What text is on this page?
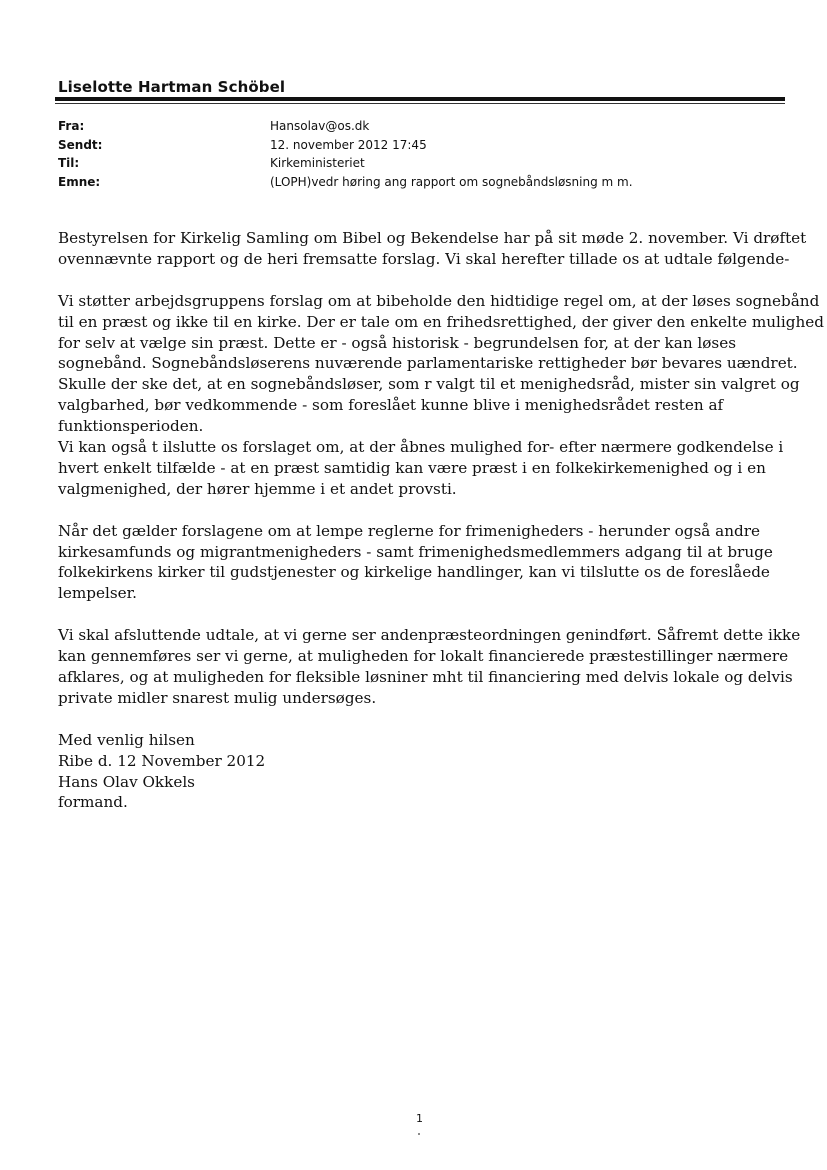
Liselotte Hartman Schöbel
Fra:	Hansolav@os.dk
Sendt:	12. november 2012 17:45
Til:	Kirkeministeriet
Emne:	(LOPH)vedr høring ang rapport om sognebåndsløsning m m.
Bestyrelsen for Kirkelig Samling om Bibel og Bekendelse har på sit møde 2. november. Vi drøftet
ovennævnte rapport og de heri fremsatte forslag. Vi skal herefter tillade os at udtale følgende-
Vi støtter arbejdsgruppens forslag om at bibeholde den hidtidige regel om, at der løses sognebånd
til en præst og ikke til en kirke. Der er tale om en frihedsrettighed, der giver den enkelte mulighed
for selv at vælge sin præst. Dette er - også historisk - begrundelsen for, at der kan løses
sognebånd. Sognebåndsløserens nuværende parlamentariske rettigheder bør bevares uændret.
Skulle der ske det, at en sognebåndsløser, som r valgt til et menighedsråd, mister sin valgret og
valgbarhed, bør vedkommende - som foreslået kunne blive i menighedsrådet resten af
funktionsperioden.
Vi kan også t ilslutte os forslaget om, at der åbnes mulighed for- efter nærmere godkendelse i
hvert enkelt tilfælde - at en præst samtidig kan være præst i en folkekirkemenighed og i en
valgmenighed, der hører hjemme i et andet provsti.
Når det gælder forslagene om at lempe reglerne for frimenigheders - herunder også andre
kirkesamfunds og migrantmenigheders - samt frimenighedsmedlemmers adgang til at bruge
folkekirkens kirker til gudstjenester og kirkelige handlinger, kan vi tilslutte os de foreslåede
lempelser.
Vi skal afsluttende udtale, at vi gerne ser andenpræsteordningen genindført. Såfremt dette ikke
kan gennemføres ser vi gerne, at muligheden for lokalt financierede præstestillinger nærmere
afklares, og at muligheden for fleksible løsniner mht til financiering med delvis lokale og delvis
private midler snarest mulig undersøges.
Med venlig hilsen
Ribe d. 12 November 2012
Hans Olav Okkels
formand.
1
